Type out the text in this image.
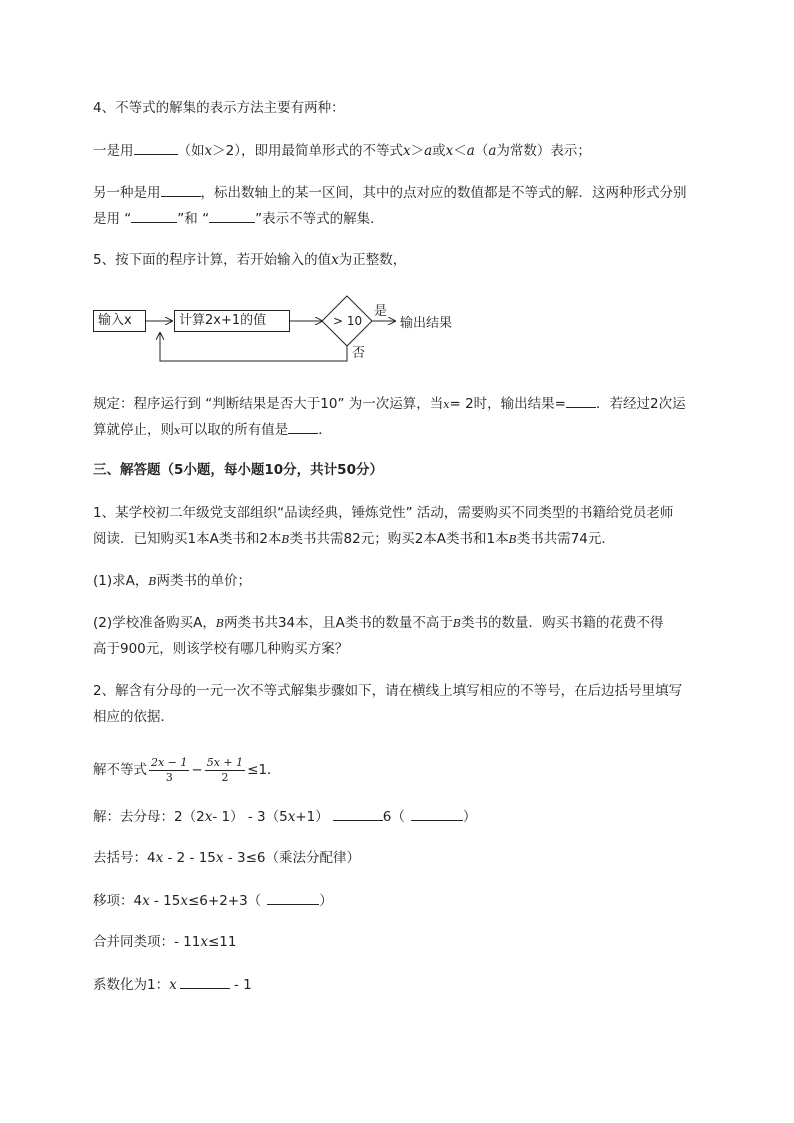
4、不等式的解集的表示方法主要有两种：
一是用	（如x＞2），即用最简单形式的不等式x＞a或x＜a（a为常数）表示；
另一种是用	，标出数轴上的某一区间，其中的点对应的数值都是不等式的解．这两种形式分别
是用 “	”和 “	”表示不等式的解集．
5、按下面的程序计算，若开始输入的值x为正整数，
输入x	计算2x+1的值	> 10
是
否
输出结果
规定：程序运行到 “判断结果是否大于10” 为一次运算，当x= 2时，输出结果= ．若经过2次运
算就停止，则x可以取的所有值是 ．
三、解答题（5小题，每小题10分，共计50分）
1、某学校初二年级党支部组织“品读经典，锤炼党性” 活动，需要购买不同类型的书籍给党员老师
阅读．已知购买1本A类书和2本B类书共需82元；购买2本A类书和1本B类书共需74元．
(1)求A，B两类书的单价；
(2)学校准备购买A，B两类书共34本，且A类书的数量不高于B类书的数量．购买书籍的花费不得
高于900元，则该学校有哪几种购买方案？
2、解含有分母的一元一次不等式解集步骤如下，请在横线上填写相应的不等号，在后边括号里填写
相应的依据．
解不等式 $\frac{2x - 1}{3} - \frac{5x + 1}{2} \le 1$．
解：去分母：2（2x- 1） - 3（5x+1）	6（	）
去括号：4x - 2 - 15x - 3≤6（乘法分配律）
移项：4x - 15x≤6+2+3（	）
合并同类项：- 11x≤11
系数化为1：x	- 1
